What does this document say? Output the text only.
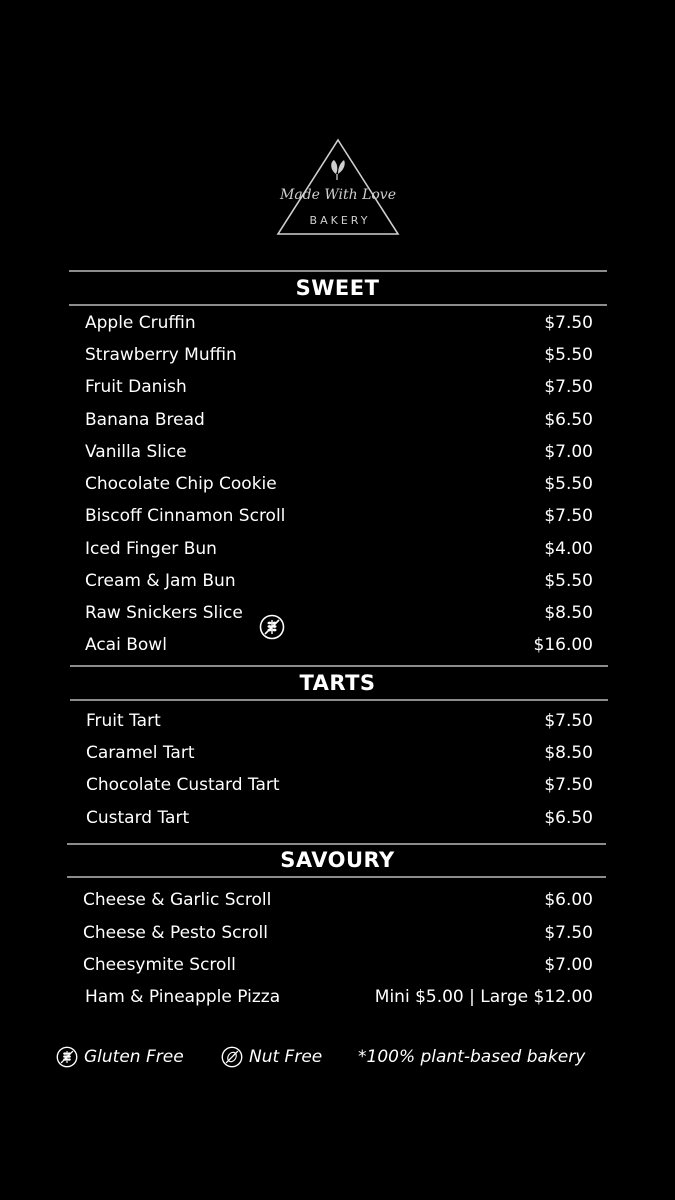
Made With Love
BAKERY
SWEET
Apple Cruffin	$7.50
Strawberry Muffin	$5.50
Fruit Danish	$7.50
Banana Bread	$6.50
Vanilla Slice	$7.00
Chocolate Chip Cookie	$5.50
Biscoff Cinnamon Scroll	$7.50
Iced Finger Bun	$4.00
Cream & Jam Bun	$5.50
Raw Snickers Slice	$8.50
Acai Bowl	$16.00
TARTS
Fruit Tart	$7.50
Caramel Tart	$8.50
Chocolate Custard Tart	$7.50
Custard Tart	$6.50
SAVOURY
Cheese & Garlic Scroll	$6.00
Cheese & Pesto Scroll	$7.50
Cheesymite Scroll	$7.00
Ham & Pineapple Pizza	Mini $5.00 | Large $12.00
Gluten Free	Nut Free *100% plant-based bakery
